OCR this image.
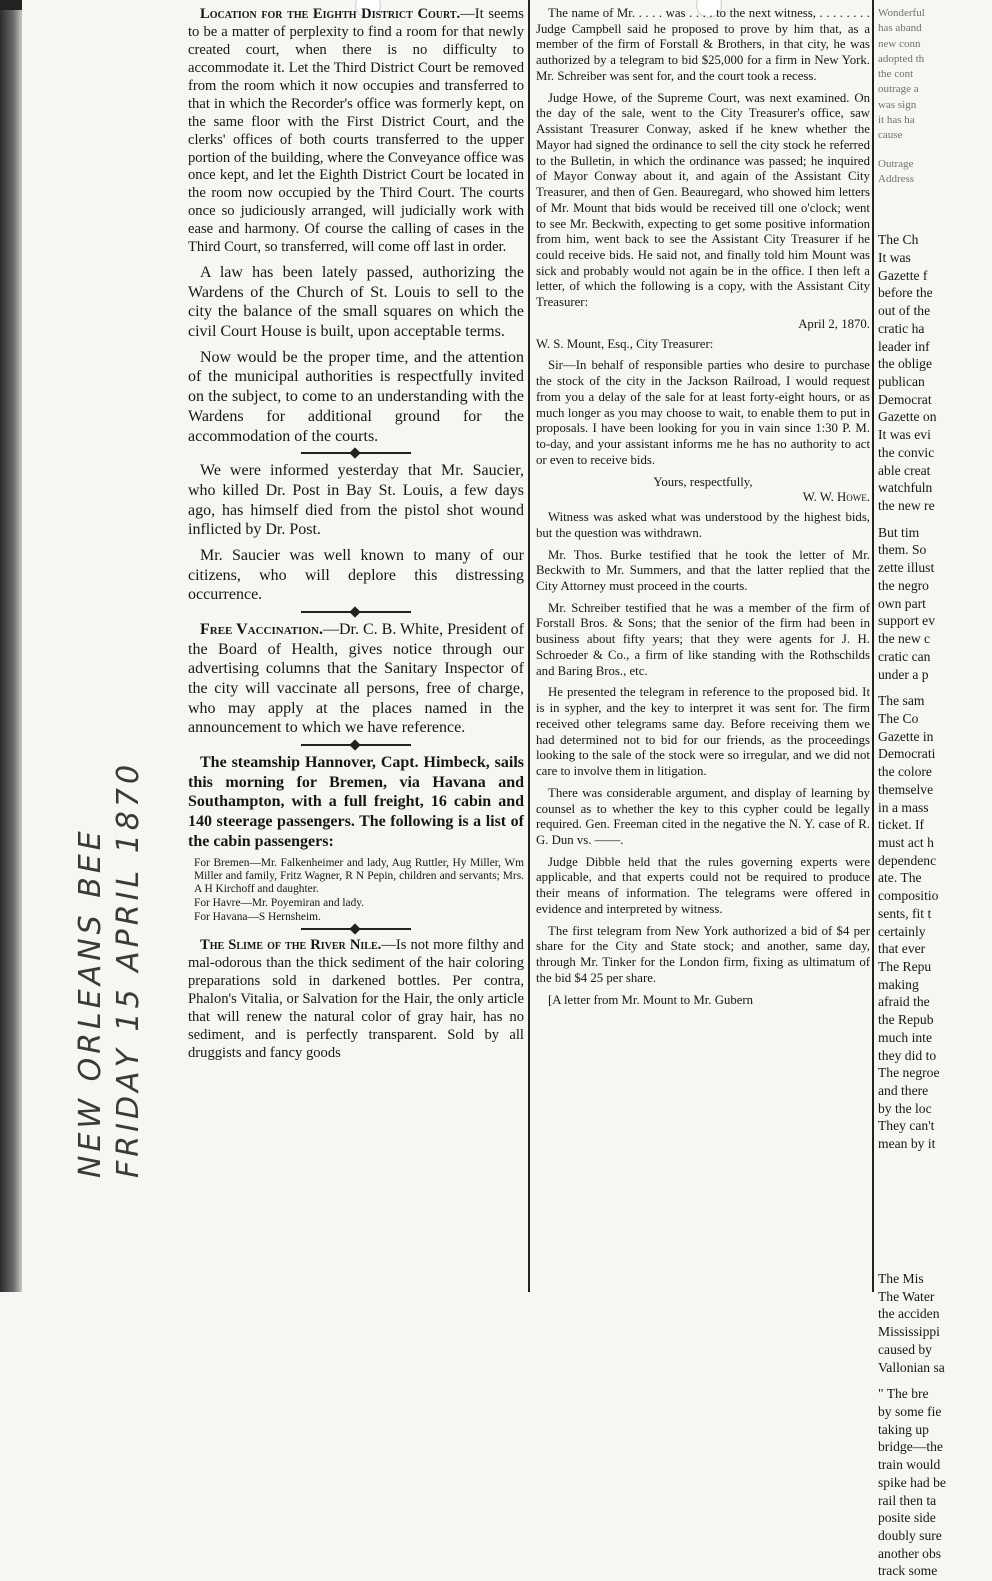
NEW ORLEANS BEE FRIDAY 15 APRIL 1870

Location for the Eighth District Court.—It seems to be a matter of perplexity to find a room for that newly created court, when there is no difficulty to accommodate it. Let the Third District Court be removed from the room which it now occupies and transferred to that in which the Recorder's office was formerly kept, on the same floor with the First District Court, and the clerks' offices of both courts transferred to the upper portion of the building, where the Conveyance office was once kept, and let the Eighth District Court be located in the room now occupied by the Third Court. The courts once so judiciously arranged, will judicially work with ease and harmony. Of course the calling of cases in the Third Court, so transferred, will come off last in order.

A law has been lately passed, authorizing the Wardens of the Church of St. Louis to sell to the city the balance of the small squares on which the civil Court House is built, upon acceptable terms.

Now would be the proper time, and the attention of the municipal authorities is respectfully invited on the subject, to come to an understanding with the Wardens for additional ground for the accommodation of the courts.

We were informed yesterday that Mr. Saucier, who killed Dr. Post in Bay St. Louis, a few days ago, has himself died from the pistol shot wound inflicted by Dr. Post.

Mr. Saucier was well known to many of our citizens, who will deplore this distressing occurrence.

Free Vaccination.—Dr. C. B. White, President of the Board of Health, gives notice through our advertising columns that the Sanitary Inspector of the city will vaccinate all persons, free of charge, who may apply at the places named in the announcement to which we have reference.

The steamship Hannover, Capt. Himbeck, sails this morning for Bremen, via Havana and Southampton, with a full freight, 16 cabin and 140 steerage passengers. The following is a list of the cabin passengers:

For Bremen—Mr. Falkenheimer and lady, Aug Ruttler, Hy Miller, Wm Miller and family, Fritz Wagner, R N Pepin, children and servants; Mrs. A H Kirchoff and daughter.

For Havre—Mr. Poyemiran and lady.

For Havana—S Hernsheim.

The Slime of the River Nile.—Is not more filthy and mal-odorous than the thick sediment of the hair coloring preparations sold in darkened bottles. Per contra, Phalon's Vitalia, or Salvation for the Hair, the only article that will renew the natural color of gray hair, has no sediment, and is perfectly transparent. Sold by all druggists and fancy goods

The name of Mr. . . . . was . . . . to the next witness, . . . . . . . . Judge Campbell said he proposed to prove by him that, as a member of the firm of Forstall & Brothers, in that city, he was authorized by a telegram to bid $25,000 for a firm in New York. Mr. Schreiber was sent for, and the court took a recess.

Judge Howe, of the Supreme Court, was next examined. On the day of the sale, went to the City Treasurer's office, saw Assistant Treasurer Conway, asked if he knew whether the Mayor had signed the ordinance to sell the city stock he referred to the Bulletin, in which the ordinance was passed; he inquired of Mayor Conway about it, and again of the Assistant City Treasurer, and then of Gen. Beauregard, who showed him letters of Mr. Mount that bids would be received till one o'clock; went to see Mr. Beckwith, expecting to get some positive information from him, went back to see the Assistant City Treasurer if he could receive bids. He said not, and finally told him Mount was sick and probably would not again be in the office. I then left a letter, of which the following is a copy, with the Assistant City Treasurer:

April 2, 1870.

W. S. Mount, Esq., City Treasurer:

Sir—In behalf of responsible parties who desire to purchase the stock of the city in the Jackson Railroad, I would request from you a delay of the sale for at least forty-eight hours, or as much longer as you may choose to wait, to enable them to put in proposals. I have been looking for you in vain since 1:30 P. M. to-day, and your assistant informs me he has no authority to act or even to receive bids.

Yours, respectfully,
W. W. Howe.

Witness was asked what was understood by the highest bids, but the question was withdrawn.

Mr. Thos. Burke testified that he took the letter of Mr. Beckwith to Mr. Summers, and that the latter replied that the City Attorney must proceed in the courts.

Mr. Schreiber testified that he was a member of the firm of Forstall Bros. & Sons; that the senior of the firm had been in business about fifty years; that they were agents for J. H. Schroeder & Co., a firm of like standing with the Rothschilds and Baring Bros., etc.

He presented the telegram in reference to the proposed bid. It is in sypher, and the key to interpret it was sent for. The firm received other telegrams same day. Before receiving them we had determined not to bid for our friends, as the proceedings looking to the sale of the stock were so irregular, and we did not care to involve them in litigation.

There was considerable argument, and display of learning by counsel as to whether the key to this cypher could be legally required. Gen. Freeman cited in the negative the N. Y. case of R. G. Dun vs. ——.

Judge Dibble held that the rules governing experts were applicable, and that experts could not be required to produce their means of information. The telegrams were offered in evidence and interpreted by witness.

The first telegram from New York authorized a bid of $4 per share for the City and State stock; and another, same day, through Mr. Tinker for the London firm, fixing as ultimatum of the bid $4 25 per share.

[A letter from Mr. Mount to Mr. Gubern

Wonderful

has aband

new conn

adopted th

the cont

outrage a

was sign

it has ha

cause

Outrage

Address

The Ch

It was

Gazette f

before the

out of the

cratic ha

leader inf

the oblige

publican

Democrat

Gazette on

It was evi

the convic

able creat

watchfuln

the new re

But tim

them. So

zette illust

the negro

own part

support ev

the new c

cratic can

under a p

The sam

The Co

Gazette in

Democrati

the colore

themselve

in a mass

ticket. If

must act h

dependenc

ate. The

compositio

sents, fit t

certainly

that ever

The Repu

making

afraid the

the Repub

much inte

they did to

The negroe

and there

by the loc

They can't

mean by it

The Mis

The Water

the acciden

Mississippi

caused by

Vallonian sa

" The bre

by some fie

taking up

bridge—the

train would

spike had be

rail then ta

posite side

doubly sure

another obs

track some
